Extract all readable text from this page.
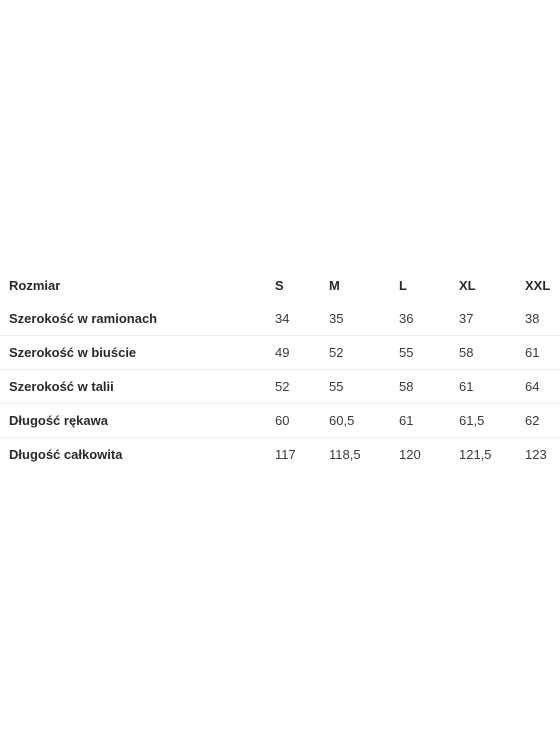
Rozmiar	S	M	L	XL	XXL
Szerokość w ramionach	34	35	36	37	38
Szerokość w biuście	49	52	55	58	61
Szerokość w talii	52	55	58	61	64
Długość rękawa	60	60,5	61	61,5	62
Długość całkowita	117	118,5	120	121,5	123
